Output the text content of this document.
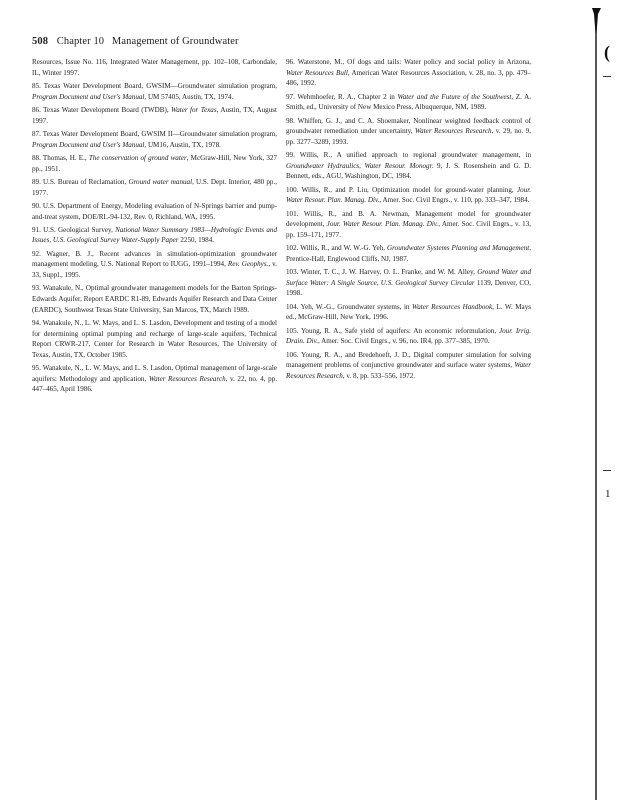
508 Chapter 10 Management of Groundwater

Resources, Issue No. 116, Integrated Water Management, pp. 102–108, Carbondale, IL, Winter 1997.

85. Texas Water Development Board, GWSIM—Groundwater simulation program, Program Document and User's Manual, UM 57405, Austin, TX, 1974.

86. Texas Water Development Board (TWDB), Water for Texas, Austin, TX, August 1997.

87. Texas Water Development Board, GWSIM II—Groundwater simulation program, Program Document and User's Manual, UM16, Austin, TX, 1978.

88. Thomas, H. E., The conservation of ground water, McGraw-Hill, New York, 327 pp., 1951.

89. U.S. Bureau of Reclamation, Ground water manual, U.S. Dept. Interior, 480 pp., 1977.

90. U.S. Department of Energy, Modeling evaluation of N-Springs barrier and pump-and-treat system, DOE/RL-94-132, Rev. 0, Richland, WA, 1995.

91. U.S. Geological Survey, National Water Summary 1983—Hydrologic Events and Issues, U.S. Geological Survey Water-Supply Paper 2250, 1984.

92. Wagner, B. J., Recent advances in simulation-optimization groundwater management modeling, U.S. National Report to IUGG, 1991–1994, Rev. Geophys., v. 33, Suppl., 1995.

93. Wanakule, N., Optimal groundwater management models for the Barton Springs-Edwards Aquifer, Report EARDC R1-89, Edwards Aquifer Research and Data Center (EARDC), Southwest Texas State University, San Marcos, TX, March 1989.

94. Wanakule, N., L. W. Mays, and L. S. Lasdon, Development and testing of a model for determining optimal pumping and recharge of large-scale aquifers, Technical Report CRWR-217, Center for Research in Water Resources, The University of Texas, Austin, TX, October 1985.

95. Wanakule, N., L. W. Mays, and L. S. Lasdon, Optimal management of large-scale aquifers: Methodology and application, Water Resources Research, v. 22, no. 4, pp. 447–465, April 1986.

96. Waterstone, M., Of dogs and tails: Water policy and social policy in Arizona, Water Resources Bull, American Water Resources Association, v. 28, no. 3, pp. 479–486, 1992.

97. Wehmhoefer, R. A., Chapter 2 in Water and the Future of the Southwest, Z. A. Smith, ed., University of New Mexico Press, Albuquerque, NM, 1989.

98. Whiffen, G. J., and C. A. Shoemaker, Nonlinear weighted feedback control of groundwater remediation under uncertainty, Water Resources Research, v. 29, no. 9, pp. 3277–3289, 1993.

99. Willis, R., A unified approach to regional groundwater management, in Groundwater Hydraulics, Water Resour. Monogr. 9, J. S. Rosenshein and G. D. Bennett, eds., AGU, Washington, DC, 1984.

100. Willis, R., and P. Liu, Optimization model for ground-water planning, Jour. Water Resour. Plan. Manag. Div., Amer. Soc. Civil Engrs., v. 110, pp. 333–347, 1984.

101. Willis, R., and B. A. Newman, Management model for groundwater development, Jour. Water Resour. Plan. Manag. Div., Amer. Soc. Civil Engrs., v. 13, pp. 159–171, 1977.

102. Willis, R., and W. W.-G. Yeh, Groundwater Systems Planning and Management, Prentice-Hall, Englewood Cliffs, NJ, 1987.

103. Winter, T. C., J. W. Harvey, O. L. Franke, and W. M. Alley, Ground Water and Surface Water: A Single Source, U.S. Geological Survey Circular 1139, Denver, CO, 1998.

104. Yeh, W.-G., Groundwater systems, in Water Resources Handbook, L. W. Mays ed., McGraw-Hill, New York, 1996.

105. Young, R. A., Safe yield of aquifers: An economic reformulation, Jour. Irrig. Drain. Div., Amer. Soc. Civil Engrs., v. 96, no. IR4, pp. 377–385, 1970.

106. Young, R. A., and Bredehoeft, J. D., Digital computer simulation for solving management problems of conjunctive groundwater and surface water systems, Water Resources Research, v. 8, pp. 533–556, 1972.

(
1
